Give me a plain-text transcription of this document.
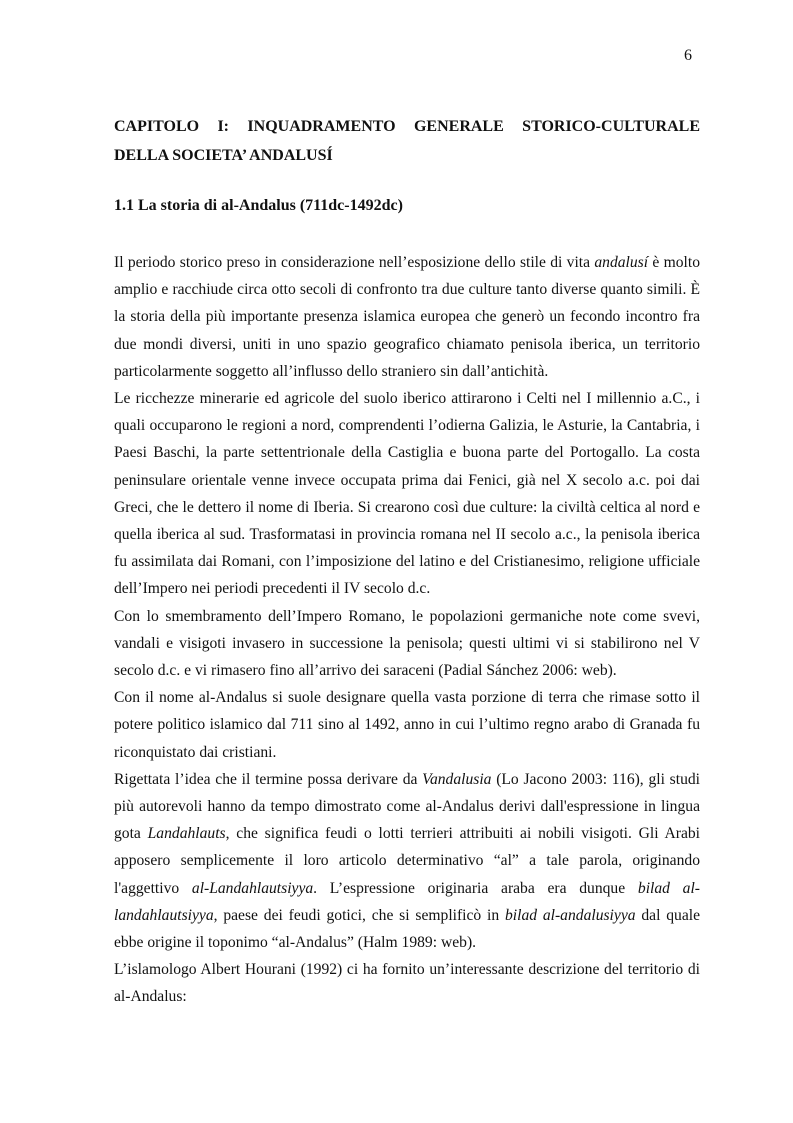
6
CAPITOLO I: INQUADRAMENTO GENERALE STORICO-CULTURALE
DELLA SOCIETA’ ANDALUSÍ
1.1 La storia di al-Andalus (711dc-1492dc)

Il periodo storico preso in considerazione nell’esposizione dello stile di vita andalusí è molto amplio e racchiude circa otto secoli di confronto tra due culture tanto diverse quanto simili. È la storia della più importante presenza islamica europea che generò un fecondo incontro fra due mondi diversi, uniti in uno spazio geografico chiamato penisola iberica, un territorio particolarmente soggetto all’influsso dello straniero sin dall’antichità.

Le ricchezze minerarie ed agricole del suolo iberico attirarono i Celti nel I millennio a.C., i quali occuparono le regioni a nord, comprendenti l’odierna Galizia, le Asturie, la Cantabria, i Paesi Baschi, la parte settentrionale della Castiglia e buona parte del Portogallo. La costa peninsulare orientale venne invece occupata prima dai Fenici, già nel X secolo a.c. poi dai Greci, che le dettero il nome di Iberia. Si crearono così due culture: la civiltà celtica al nord e quella iberica al sud. Trasformatasi in provincia romana nel II secolo a.c., la penisola iberica fu assimilata dai Romani, con l’imposizione del latino e del Cristianesimo, religione ufficiale dell’Impero nei periodi precedenti il IV secolo d.c.

Con lo smembramento dell’Impero Romano, le popolazioni germaniche note come svevi, vandali e visigoti invasero in successione la penisola; questi ultimi vi si stabilirono nel V secolo d.c. e vi rimasero fino all’arrivo dei saraceni (Padial Sánchez 2006: web).

Con il nome al-Andalus si suole designare quella vasta porzione di terra che rimase sotto il potere politico islamico dal 711 sino al 1492, anno in cui l’ultimo regno arabo di Granada fu riconquistato dai cristiani.

Rigettata l’idea che il termine possa derivare da Vandalusia (Lo Jacono 2003: 116), gli studi più autorevoli hanno da tempo dimostrato come al-Andalus derivi dall'espressione in lingua gota Landahlauts, che significa feudi o lotti terrieri attribuiti ai nobili visigoti. Gli Arabi apposero semplicemente il loro articolo determinativo “al” a tale parola, originando l'aggettivo al-Landahlautsiyya. L’espressione originaria araba era dunque bilad al-landahlautsiyya, paese dei feudi gotici, che si semplificò in bilad al-andalusiyya dal quale ebbe origine il toponimo “al-Andalus” (Halm 1989: web).

L’islamologo Albert Hourani (1992) ci ha fornito un’interessante descrizione del territorio di al-Andalus:
